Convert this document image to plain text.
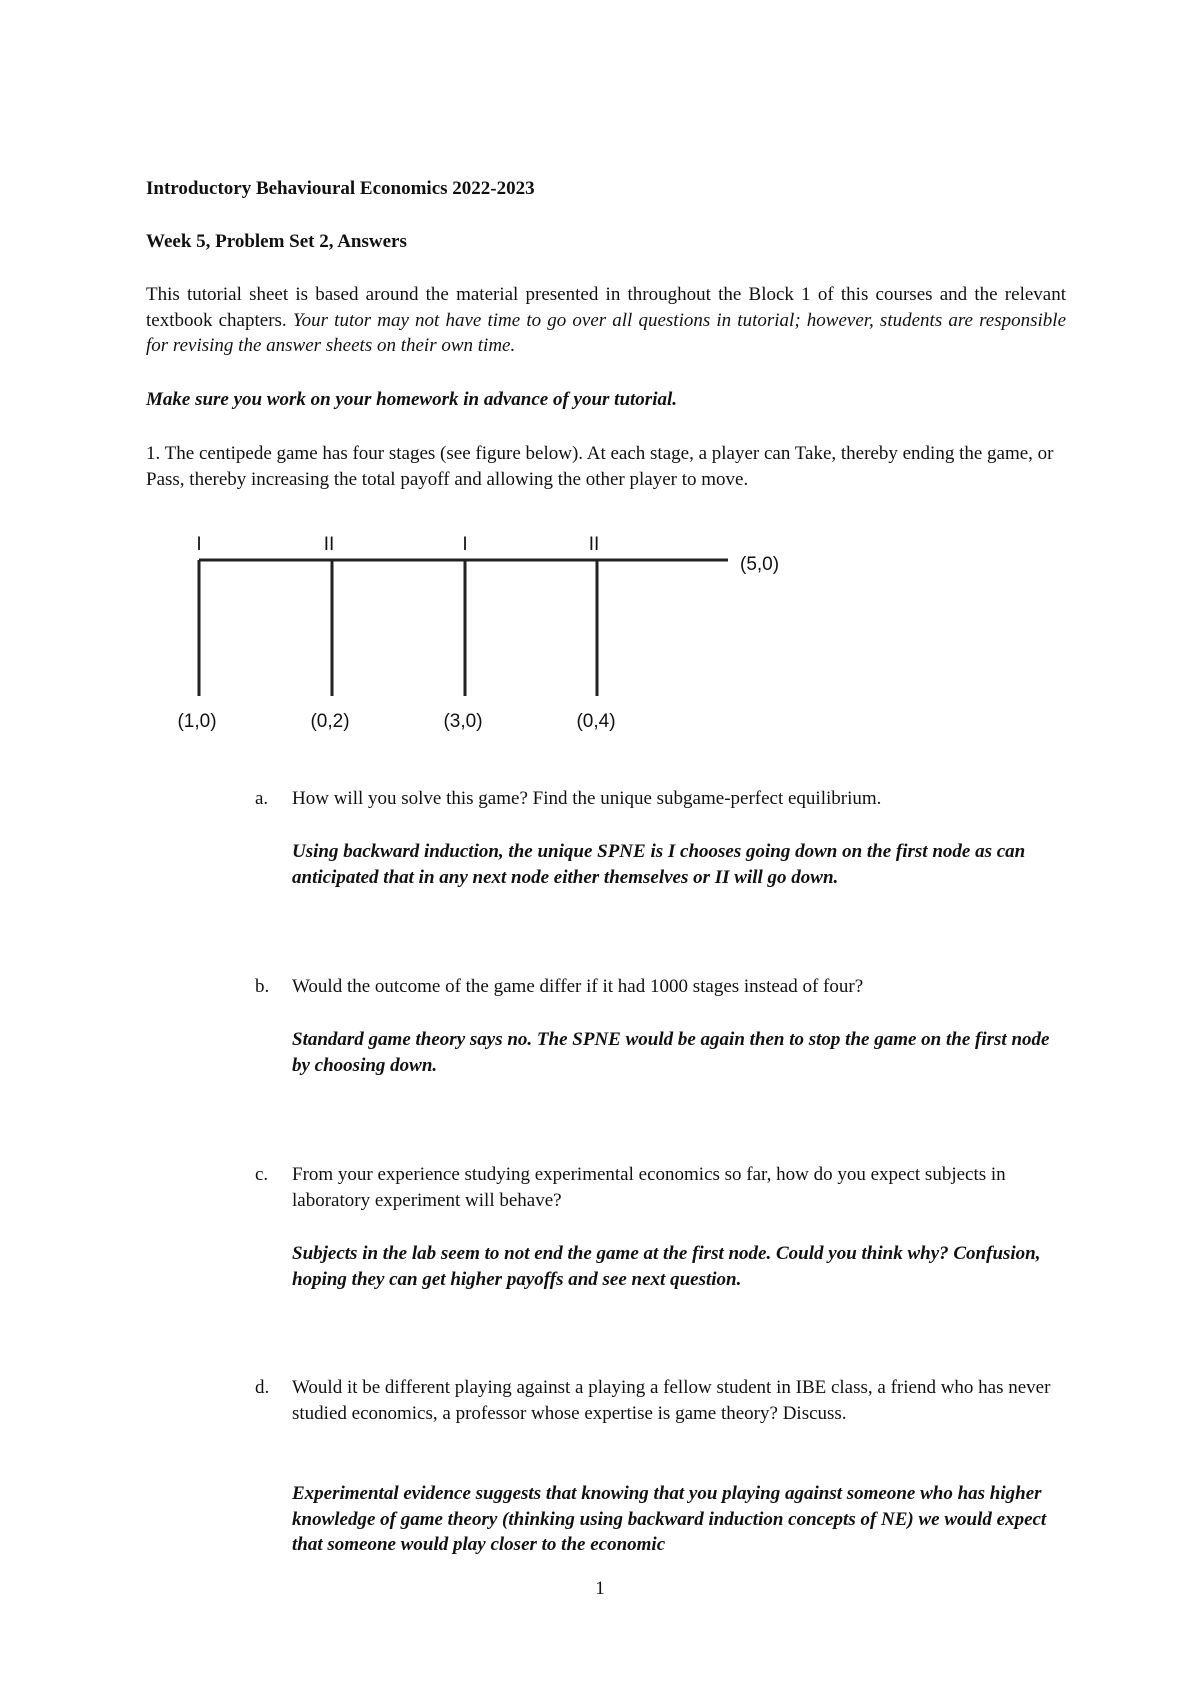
Introductory Behavioural Economics 2022-2023
Week 5, Problem Set 2, Answers
This tutorial sheet is based around the material presented in throughout the Block 1 of this courses and the relevant textbook chapters. Your tutor may not have time to go over all questions in tutorial; however, students are responsible for revising the answer sheets on their own time.
Make sure you work on your homework in advance of your tutorial.
1. The centipede game has four stages (see figure below). At each stage, a player can Take, thereby ending the game, or Pass, thereby increasing the total payoff and allowing the other player to move.
I	II	I	II
(5,0)
(1,0)	(0,2)	(3,0)	(0,4)
a. How will you solve this game? Find the unique subgame-perfect equilibrium.
Using backward induction, the unique SPNE is I chooses going down on the first node as can anticipated that in any next node either themselves or II will go down.
b. Would the outcome of the game differ if it had 1000 stages instead of four?
Standard game theory says no. The SPNE would be again then to stop the game on the first node by choosing down.
c. From your experience studying experimental economics so far, how do you expect subjects in laboratory experiment will behave?
Subjects in the lab seem to not end the game at the first node. Could you think why? Confusion, hoping they can get higher payoffs and see next question.
d. Would it be different playing against a playing a fellow student in IBE class, a friend who has never studied economics, a professor whose expertise is game theory? Discuss.
Experimental evidence suggests that knowing that you playing against someone who has higher knowledge of game theory (thinking using backward induction concepts of NE) we would expect that someone would play closer to the economic
1
